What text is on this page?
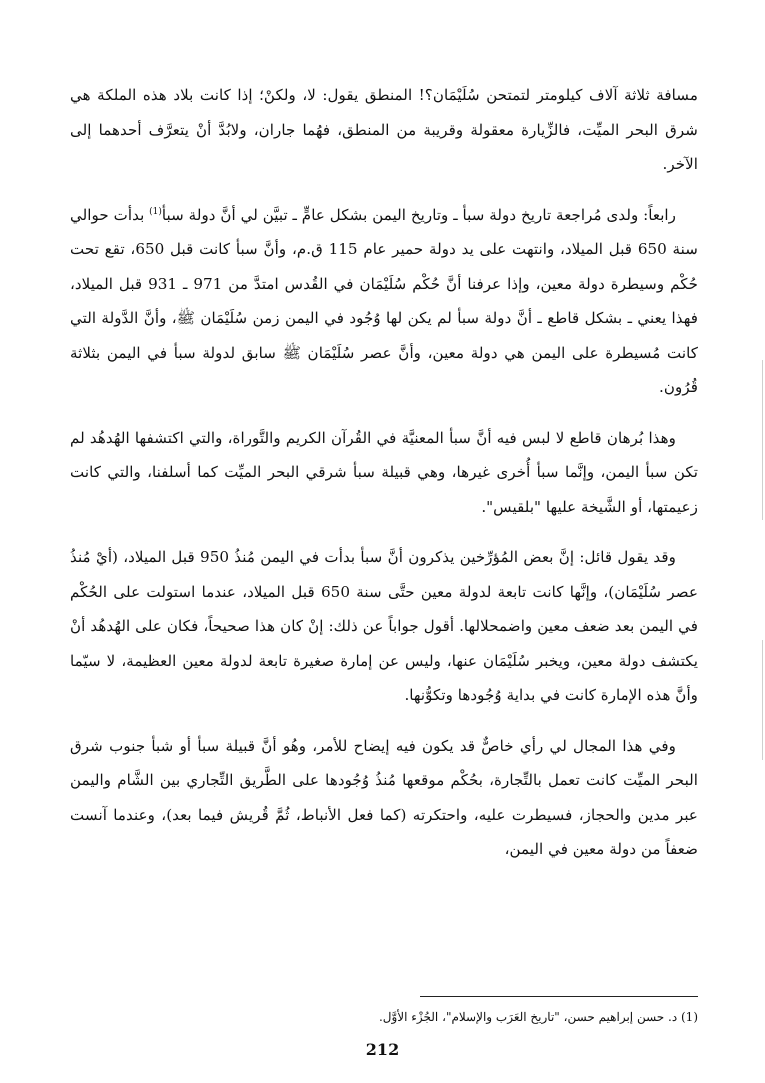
مسافة ثلاثة آلاف كيلومتر لتمتحن سُلَيْمَان؟! المنطق يقول: لا، ولكنْ؛ إذا كانت بلاد هذه الملكة هي شرق البحر الميِّت، فالزِّيارة معقولة وقريبة من المنطق، فهُما جاران، ولابُدَّ أنْ يتعرَّف أحدهما إلى الآخر.

رابعاً: ولدى مُراجعة تاريخ دولة سبأ ـ وتاريخ اليمن بشكل عامٍّ ـ تبيَّن لي أنَّ دولة سبأ$^{(1)}$ بدأت حوالي سنة 650 قبل الميلاد، وانتهت على يد دولة حمير عام 115 ق.م، وأنَّ سبأ كانت قبل 650، تقع تحت حُكْم وسيطرة دولة معين، وإذا عرفنا أنَّ حُكْم سُلَيْمَان في القُدس امتدَّ من 971 ـ 931 قبل الميلاد، فهذا يعني ـ بشكل قاطع ـ أنَّ دولة سبأ لم يكن لها وُجُود في اليمن زمن سُلَيْمَان ﷺ، وأنَّ الدَّولة التي كانت مُسيطرة على اليمن هي دولة معين، وأنَّ عصر سُلَيْمَان ﷺ سابق لدولة سبأ في اليمن بثلاثة قُرُون.

وهذا بُرهان قاطع لا لبس فيه أنَّ سبأ المعنيَّة في القُرآن الكريم والتَّوراة، والتي اكتشفها الهُدهُد لم تكن سبأ اليمن، وإنَّما سبأ أُخرى غيرها، وهي قبيلة سبأ شرقي البحر الميِّت كما أسلفنا، والتي كانت زعيمتها، أو الشَّيخة عليها "بلقيس".

وقد يقول قائل: إنَّ بعض المُؤرِّخين يذكرون أنَّ سبأ بدأت في اليمن مُنذُ 950 قبل الميلاد، (أيْ مُنذُ عصر سُلَيْمَان)، وإنَّها كانت تابعة لدولة معين حتَّى سنة 650 قبل الميلاد، عندما استولت على الحُكْم في اليمن بعد ضعف معين واضمحلالها. أقول جواباً عن ذلك: إنْ كان هذا صحيحاً، فكان على الهُدهُد أنْ يكتشف دولة معين، ويخبر سُلَيْمَان عنها، وليس عن إمارة صغيرة تابعة لدولة معين العظيمة، لا سيّما وأنَّ هذه الإمارة كانت في بداية وُجُودها وتكوُّنها.

وفي هذا المجال لي رأي خاصٌّ قد يكون فيه إيضاح للأمر، وهُو أنَّ قبيلة سبأ أو شبأ جنوب شرق البحر الميِّت كانت تعمل بالتِّجارة، بحُكْم موقعها مُنذُ وُجُودها على الطَّريق التِّجاري بين الشَّام واليمن عبر مدين والحجاز، فسيطرت عليه، واحتكرته (كما فعل الأنباط، ثُمَّ قُريش فيما بعد)، وعندما آنست ضعفاً من دولة معين في اليمن،

(1) د. حسن إبراهيم حسن، "تاريخ العَرَب والإسلام"، الجُزْء الأوَّل.
212
